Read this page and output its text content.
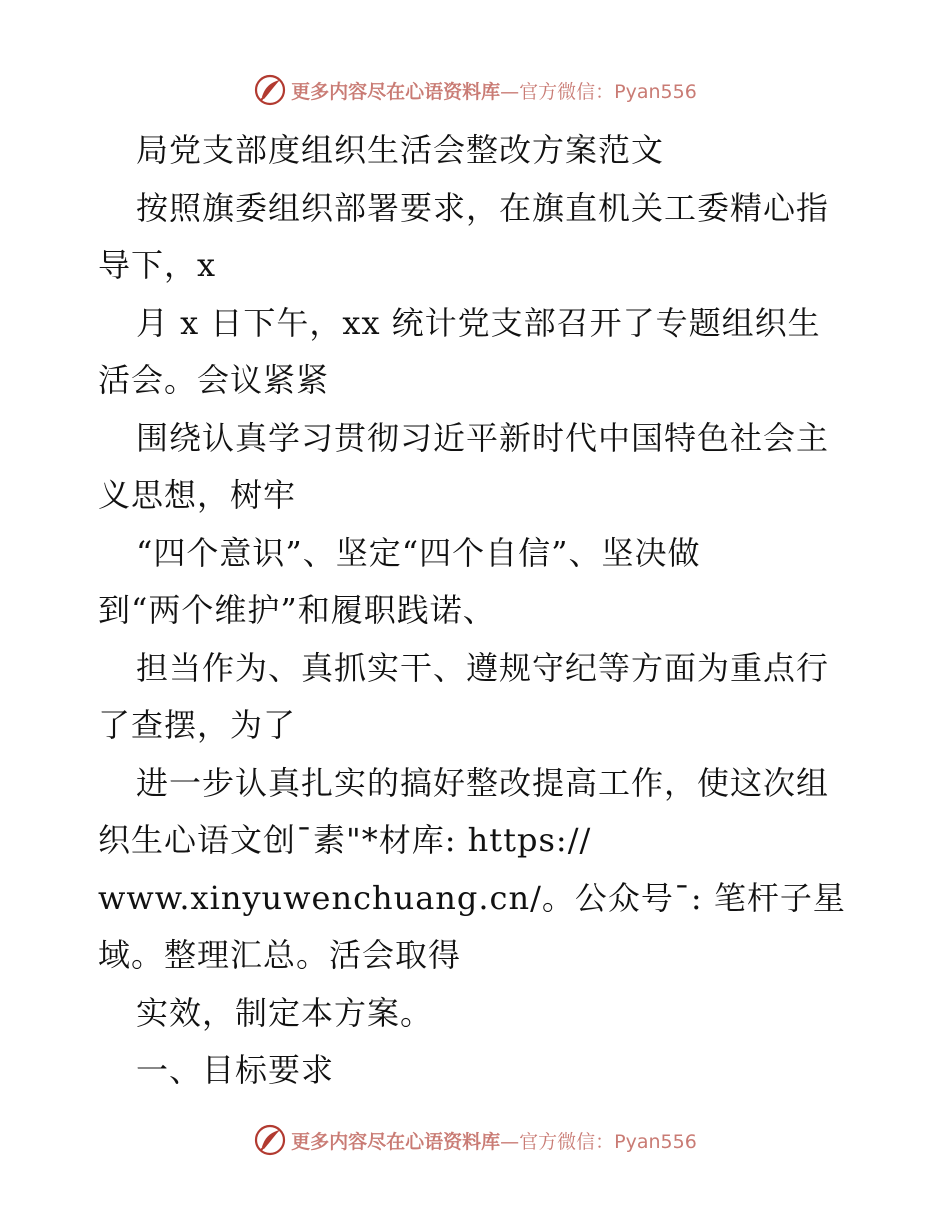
更多内容尽在心语资料库 —官方微信：Pyan556
局党支部度组织生活会整改方案范文
按照旗委组织部署要求，在旗直机关工委精心指
导下，x
月 x 日下午，xx 统计党支部召开了专题组织生
活会。会议紧紧
围绕认真学习贯彻习近平新时代中国特色社会主
义思想，树牢
“四个意识”、坚定“四个自信”、坚决做
到“两个维护”和履职践诺、
担当作为、真抓实干、遵规守纪等方面为重点行
了查摆，为了
进一步认真扎实的搞好整改提高工作，使这次组
织生心语文创¯素"*材库: https://
www.xinyuwenchuang.cn/。公众号¯: 笔杆子星
域。整理汇总。活会取得
实效，制定本方案。
一、目标要求
更多内容尽在心语资料库 —官方微信：Pyan556
